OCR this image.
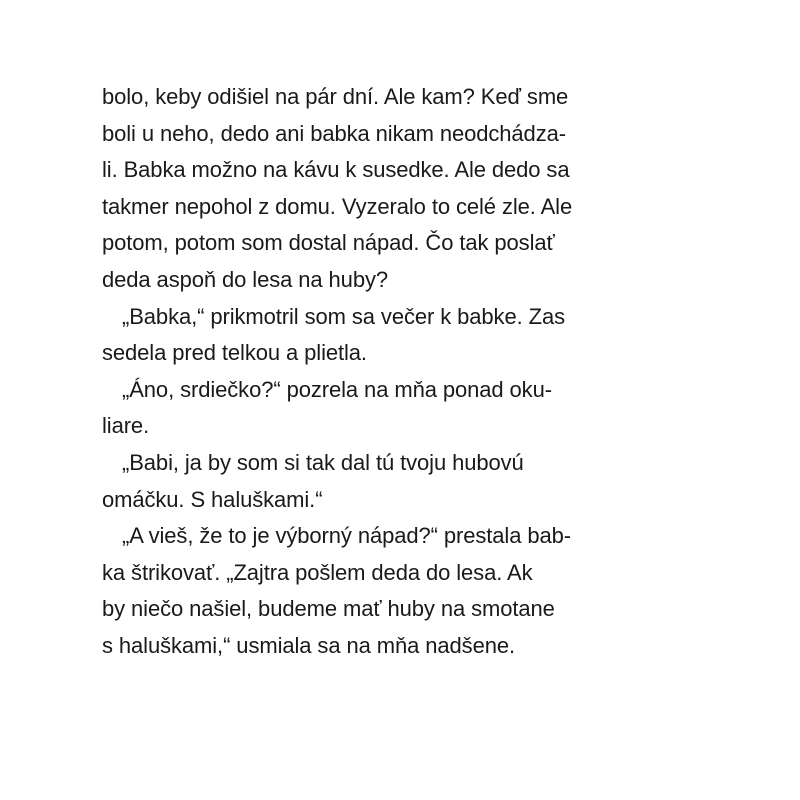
bolo, keby odišiel na pár dní. Ale kam? Keď sme
boli u neho, dedo ani babka nikam neodchádza-
li. Babka možno na kávu k susedke. Ale dedo sa
takmer nepohol z domu. Vyzeralo to celé zle. Ale
potom, potom som dostal nápad. Čo tak poslať
deda aspoň do lesa na huby?
„Babka,“ prikmotril som sa večer k babke. Zas
sedela pred telkou a plietla.
„Áno, srdiečko?“ pozrela na mňa ponad oku-
liare.
„Babi, ja by som si tak dal tú tvoju hubovú
omáčku. S haluškami.“
„A vieš, že to je výborný nápad?“ prestala bab-
ka štrikovať. „Zajtra pošlem deda do lesa. Ak
by niečo našiel, budeme mať huby na smotane
s haluškami,“ usmiala sa na mňa nadšene.
